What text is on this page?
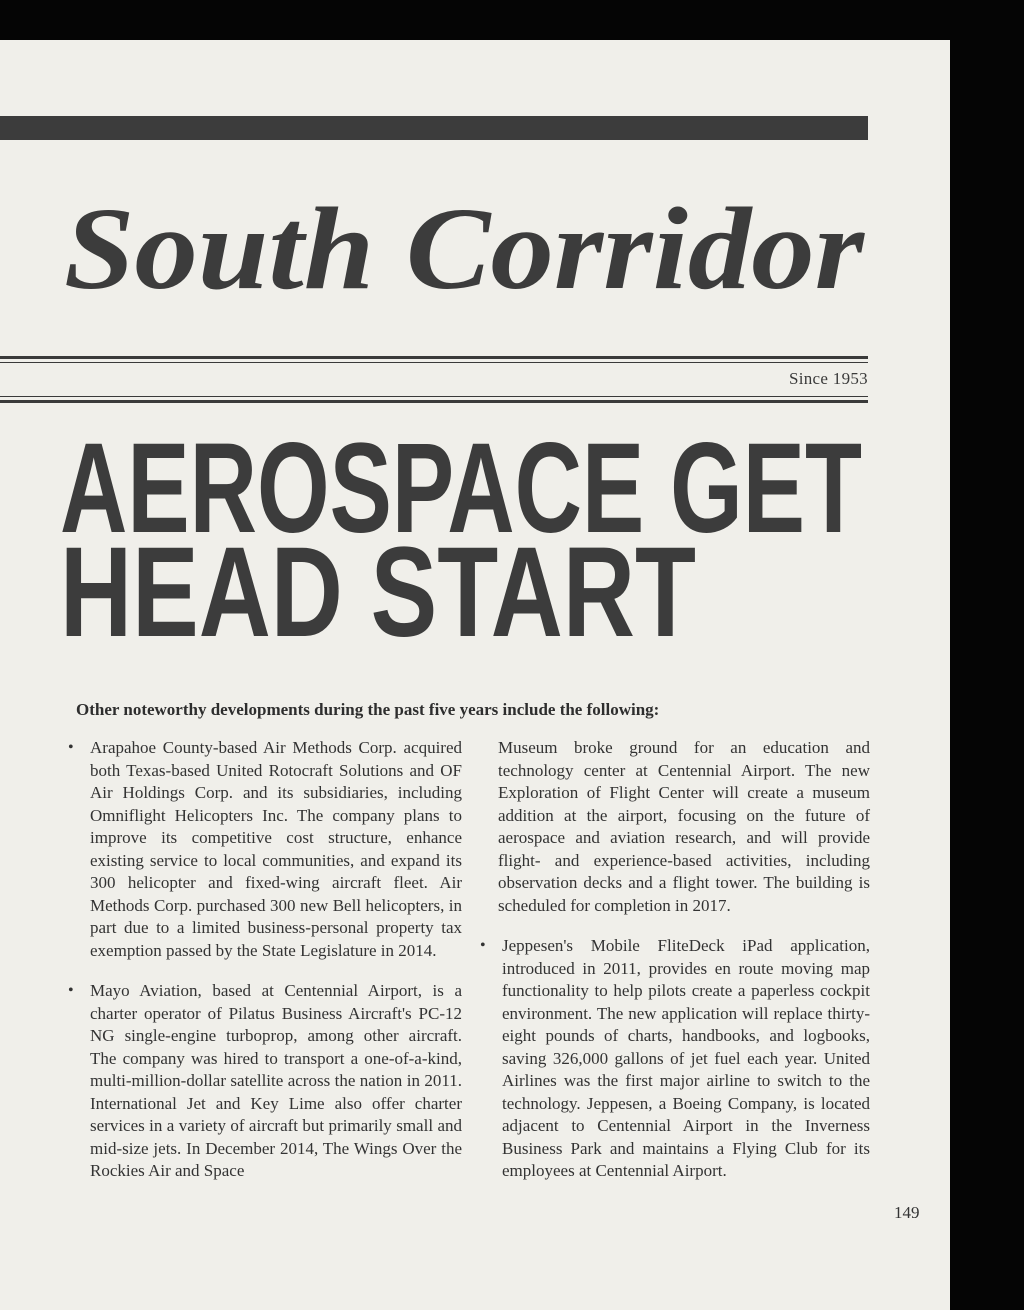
South Corridor
Since 1953
AEROSPACE GET
HEAD START
Other noteworthy developments during the past five years include the following:
• Arapahoe County-based Air Methods Corp. acquired both Texas-based United Rotocraft Solutions and OF Air Holdings Corp. and its subsidiaries, including Omniflight Helicopters Inc. The company plans to improve its competitive cost structure, enhance existing service to local communities, and expand its 300 helicopter and fixed-wing aircraft fleet. Air Methods Corp. purchased 300 new Bell helicopters, in part due to a limited business-personal property tax exemption passed by the State Legislature in 2014.
• Mayo Aviation, based at Centennial Airport, is a charter operator of Pilatus Business Aircraft's PC-12 NG single-engine turboprop, among other aircraft. The company was hired to transport a one-of-a-kind, multi-million-dollar satellite across the nation in 2011. International Jet and Key Lime also offer charter services in a variety of aircraft but primarily small and mid-size jets. In December 2014, The Wings Over the Rockies Air and Space
Museum broke ground for an education and technology center at Centennial Airport. The new Exploration of Flight Center will create a museum addition at the airport, focusing on the future of aerospace and aviation research, and will provide flight- and experience-based activities, including observation decks and a flight tower. The building is scheduled for completion in 2017.
• Jeppesen's Mobile FliteDeck iPad application, introduced in 2011, provides en route moving map functionality to help pilots create a paperless cockpit environment. The new application will replace thirty-eight pounds of charts, handbooks, and logbooks, saving 326,000 gallons of jet fuel each year. United Airlines was the first major airline to switch to the technology. Jeppesen, a Boeing Company, is located adjacent to Centennial Airport in the Inverness Business Park and maintains a Flying Club for its employees at Centennial Airport.
149
